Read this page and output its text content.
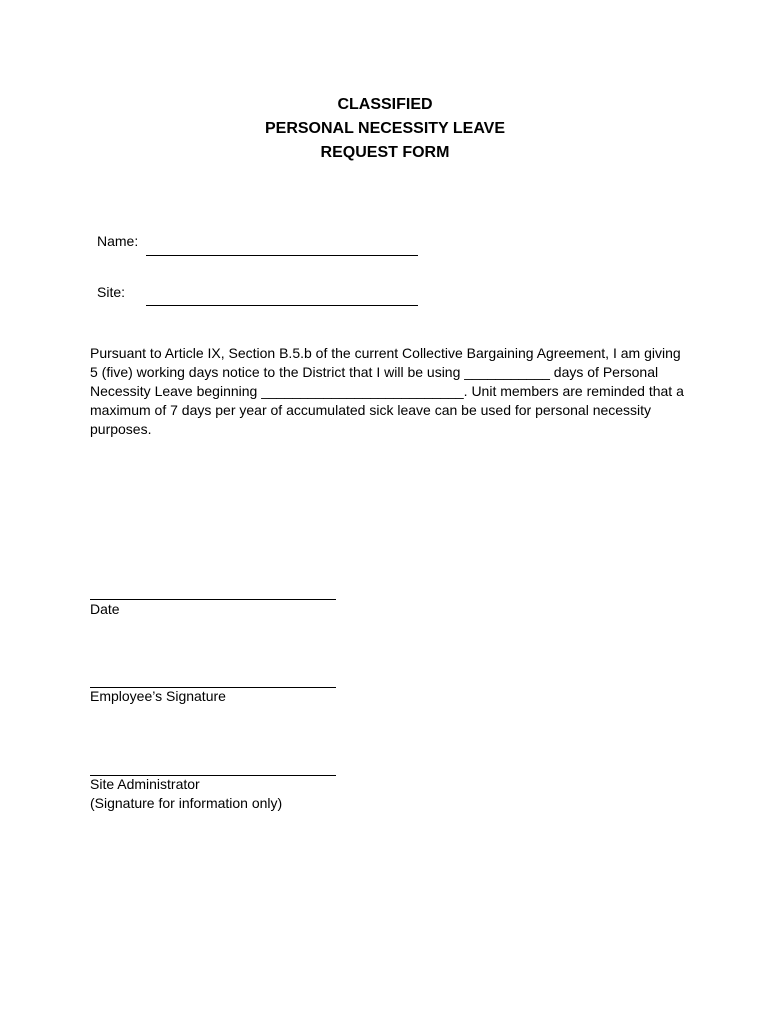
CLASSIFIED
PERSONAL NECESSITY LEAVE
REQUEST FORM
Name:
Site:
Pursuant to Article IX, Section B.5.b of the current Collective Bargaining Agreement, I am giving
5 (five) working days notice to the District that I will be using ___________ days of Personal
Necessity Leave beginning __________________________. Unit members are reminded that a
maximum of 7 days per year of accumulated sick leave can be used for personal necessity
purposes.
Date
Employee’s Signature
Site Administrator
(Signature for information only)
